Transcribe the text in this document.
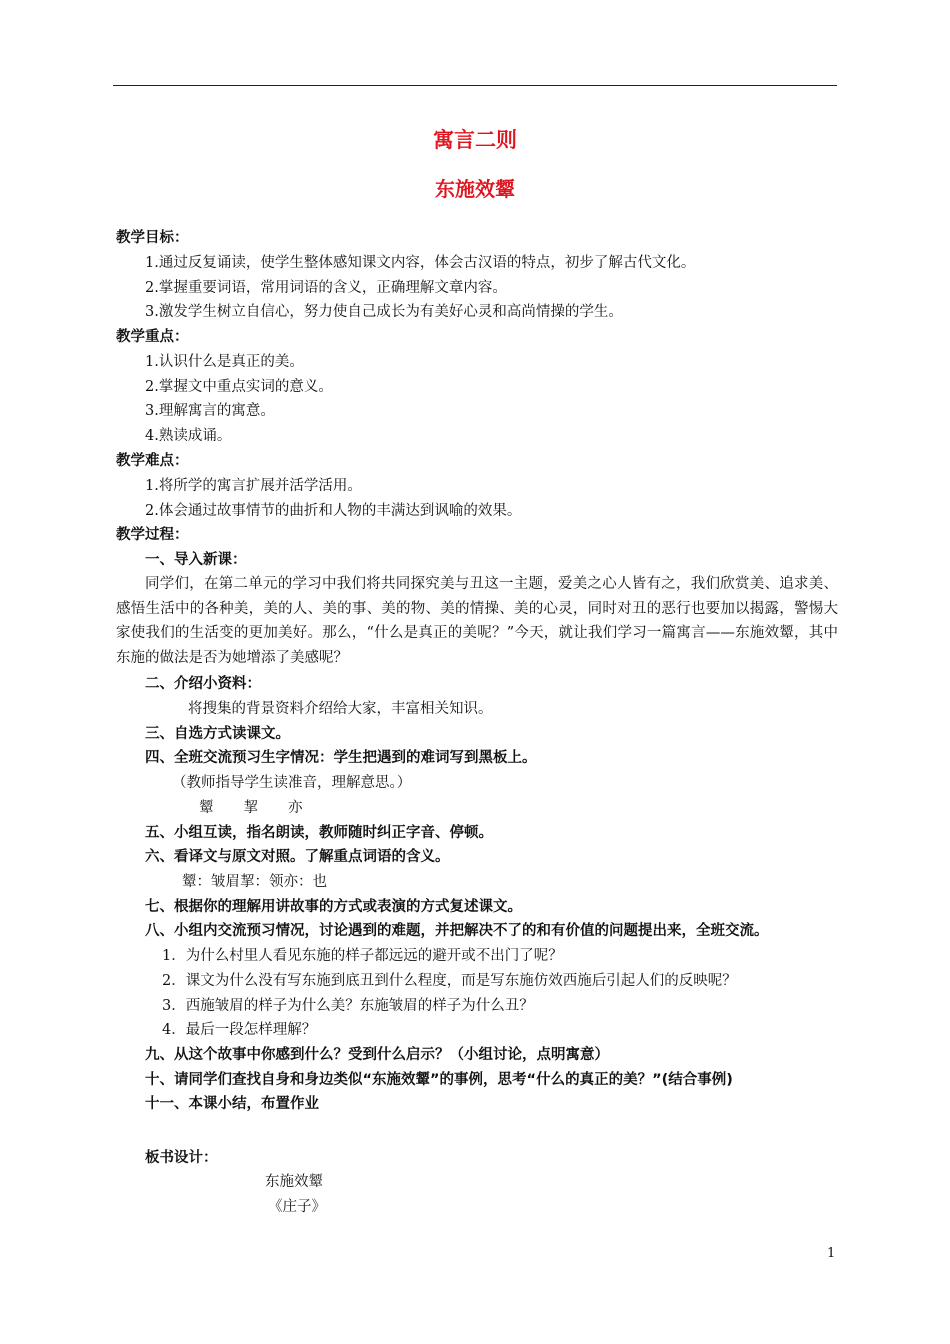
寓言二则
东施效颦
教学目标：
1.通过反复诵读，使学生整体感知课文内容，体会古汉语的特点，初步了解古代文化。
2.掌握重要词语，常用词语的含义，正确理解文章内容。
3.激发学生树立自信心，努力使自己成长为有美好心灵和高尚情操的学生。
教学重点：
1.认识什么是真正的美。
2.掌握文中重点实词的意义。
3.理解寓言的寓意。
4.熟读成诵。
教学难点：
1.将所学的寓言扩展并活学活用。
2.体会通过故事情节的曲折和人物的丰满达到讽喻的效果。
教学过程：
一、导入新课：
同学们，在第二单元的学习中我们将共同探究美与丑这一主题，爱美之心人皆有之，我们欣赏美、追求美、感悟生活中的各种美，美的人、美的事、美的物、美的情操、美的心灵，同时对丑的恶行也要加以揭露，警惕大家使我们的生活变的更加美好。那么，“什么是真正的美呢？”今天，就让我们学习一篇寓言——东施效颦，其中东施的做法是否为她增添了美感呢？
二、介绍小资料：
将搜集的背景资料介绍给大家，丰富相关知识。
三、自选方式读课文。
四、全班交流预习生字情况：学生把遇到的难词写到黑板上。
（教师指导学生读准音，理解意思。）
颦 挈 亦
五、小组互读，指名朗读，教师随时纠正字音、停顿。
六、看译文与原文对照。了解重点词语的含义。
颦：皱眉挈：领亦：也
七、根据你的理解用讲故事的方式或表演的方式复述课文。
八、小组内交流预习情况，讨论遇到的难题，并把解决不了的和有价值的问题提出来，全班交流。
1．为什么村里人看见东施的样子都远远的避开或不出门了呢？
2．课文为什么没有写东施到底丑到什么程度，而是写东施仿效西施后引起人们的反映呢？
3．西施皱眉的样子为什么美？东施皱眉的样子为什么丑？
4．最后一段怎样理解？
九、从这个故事中你感到什么？受到什么启示？（小组讨论，点明寓意）
十、请同学们查找自身和身边类似“东施效颦”的事例，思考“什么的真正的美？”(结合事例)
十一、本课小结，布置作业
板书设计：
东施效颦
《庄子》
1
